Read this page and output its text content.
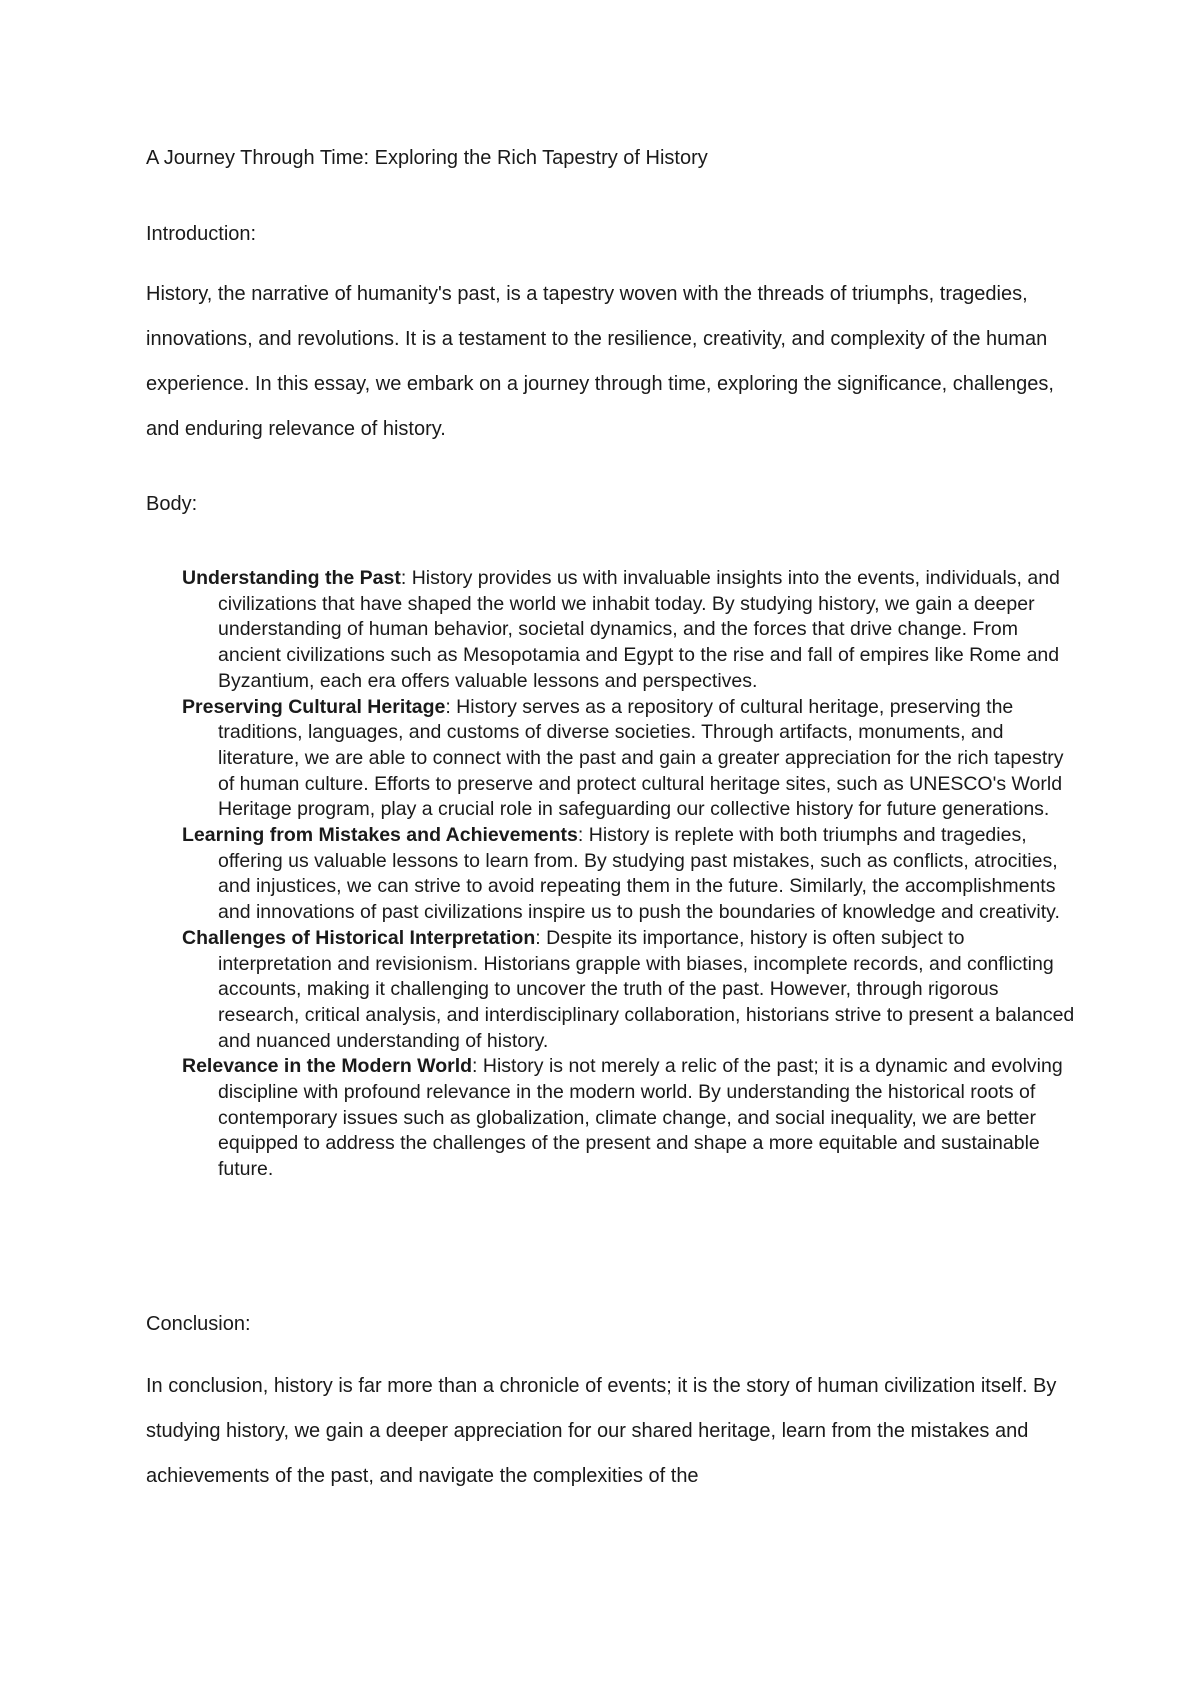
A Journey Through Time: Exploring the Rich Tapestry of History
Introduction:

History, the narrative of humanity's past, is a tapestry woven with the threads of triumphs, tragedies, innovations, and revolutions. It is a testament to the resilience, creativity, and complexity of the human experience. In this essay, we embark on a journey through time, exploring the significance, challenges, and enduring relevance of history.

Body:
Understanding the Past: History provides us with invaluable insights into the events, individuals, and civilizations that have shaped the world we inhabit today. By studying history, we gain a deeper understanding of human behavior, societal dynamics, and the forces that drive change. From ancient civilizations such as Mesopotamia and Egypt to the rise and fall of empires like Rome and Byzantium, each era offers valuable lessons and perspectives.
Preserving Cultural Heritage: History serves as a repository of cultural heritage, preserving the traditions, languages, and customs of diverse societies. Through artifacts, monuments, and literature, we are able to connect with the past and gain a greater appreciation for the rich tapestry of human culture. Efforts to preserve and protect cultural heritage sites, such as UNESCO's World Heritage program, play a crucial role in safeguarding our collective history for future generations.
Learning from Mistakes and Achievements: History is replete with both triumphs and tragedies, offering us valuable lessons to learn from. By studying past mistakes, such as conflicts, atrocities, and injustices, we can strive to avoid repeating them in the future. Similarly, the accomplishments and innovations of past civilizations inspire us to push the boundaries of knowledge and creativity.
Challenges of Historical Interpretation: Despite its importance, history is often subject to interpretation and revisionism. Historians grapple with biases, incomplete records, and conflicting accounts, making it challenging to uncover the truth of the past. However, through rigorous research, critical analysis, and interdisciplinary collaboration, historians strive to present a balanced and nuanced understanding of history.
Relevance in the Modern World: History is not merely a relic of the past; it is a dynamic and evolving discipline with profound relevance in the modern world. By understanding the historical roots of contemporary issues such as globalization, climate change, and social inequality, we are better equipped to address the challenges of the present and shape a more equitable and sustainable future.
Conclusion:

In conclusion, history is far more than a chronicle of events; it is the story of human civilization itself. By studying history, we gain a deeper appreciation for our shared heritage, learn from the mistakes and achievements of the past, and navigate the complexities of the
